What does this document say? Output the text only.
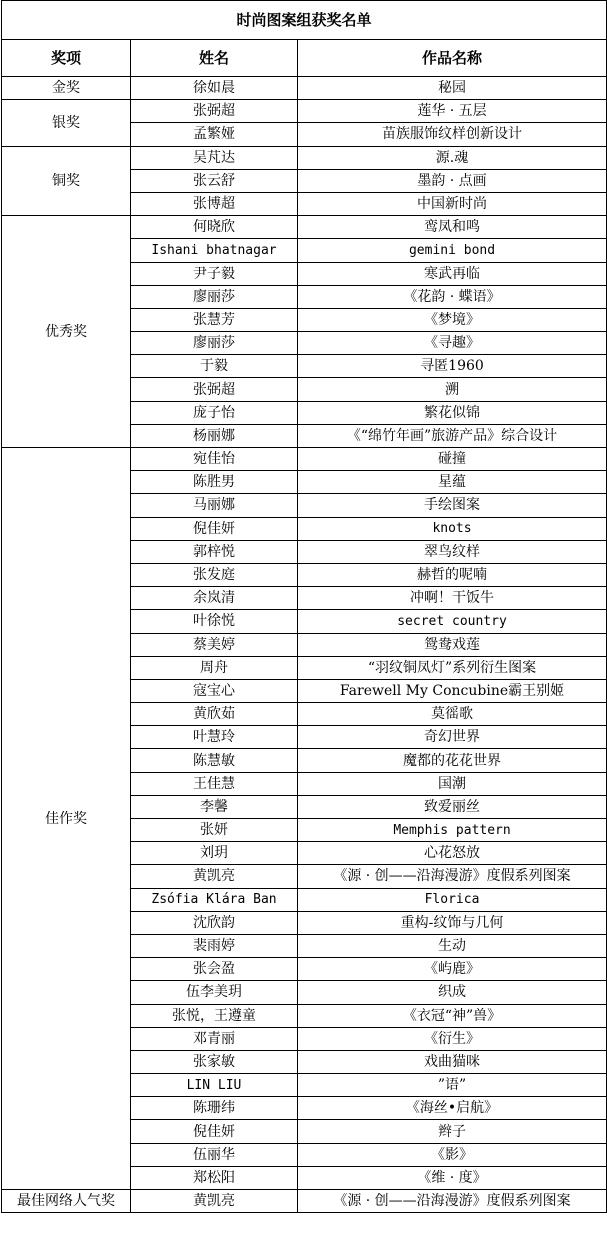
时尚图案组获奖名单		
奖项	姓名	作品名称
金奖	徐如晨	秘园
银奖	张弼超	莲华 · 五层
	孟繁娅	苗族服饰纹样创新设计
铜奖	吴芃达	源.魂
	张云舒	墨韵 · 点画
	张博超	中国新时尚
优秀奖	何晓欣	鸾凤和鸣
	Ishani bhatnagar	gemini bond
	尹子毅	寒武再临
	廖丽莎	《花韵 · 蝶语》
	张慧芳	《梦境》
	廖丽莎	《寻趣》
	于毅	寻匿1960
	张弼超	溯
	庞子怡	繁花似锦
	杨丽娜	《“绵竹年画”旅游产品》综合设计
佳作奖	宛佳怡	碰撞
	陈胜男	星蕴
	马丽娜	手绘图案
	倪佳妍	knots
	郭梓悦	翠鸟纹样
	张发庭	赫哲的呢喃
	余岚清	冲啊！干饭牛
	叶徐悦	secret country
	蔡美婷	鸳鸯戏莲
	周舟	“羽纹铜凤灯”系列衍生图案
	寇宝心	Farewell My Concubine霸王别姬
	黄欣茹	莫徭歌
	叶慧玲	奇幻世界
	陈慧敏	魔都的花花世界
	王佳慧	国潮
	李馨	致爱丽丝
	张妍	Memphis pattern
	刘玥	心花怒放
	黄凯亮	《源 · 创——沿海漫游》度假系列图案
	Zsófia Klára Ban	Florica
	沈欣韵	重构-纹饰与几何
	裴雨婷	生动
	张会盈	《屿鹿》
	伍李美玥	织成
	张悦，王遵童	《衣冠“神”兽》
	邓青丽	《衍生》
	张家敏	戏曲猫咪
	LIN LIU	”语”
	陈珊纬	《海丝•启航》
	倪佳妍	辫子
	伍丽华	《影》
	郑松阳	《维 · 度》
最佳网络人气奖	黄凯亮	《源 · 创——沿海漫游》度假系列图案
